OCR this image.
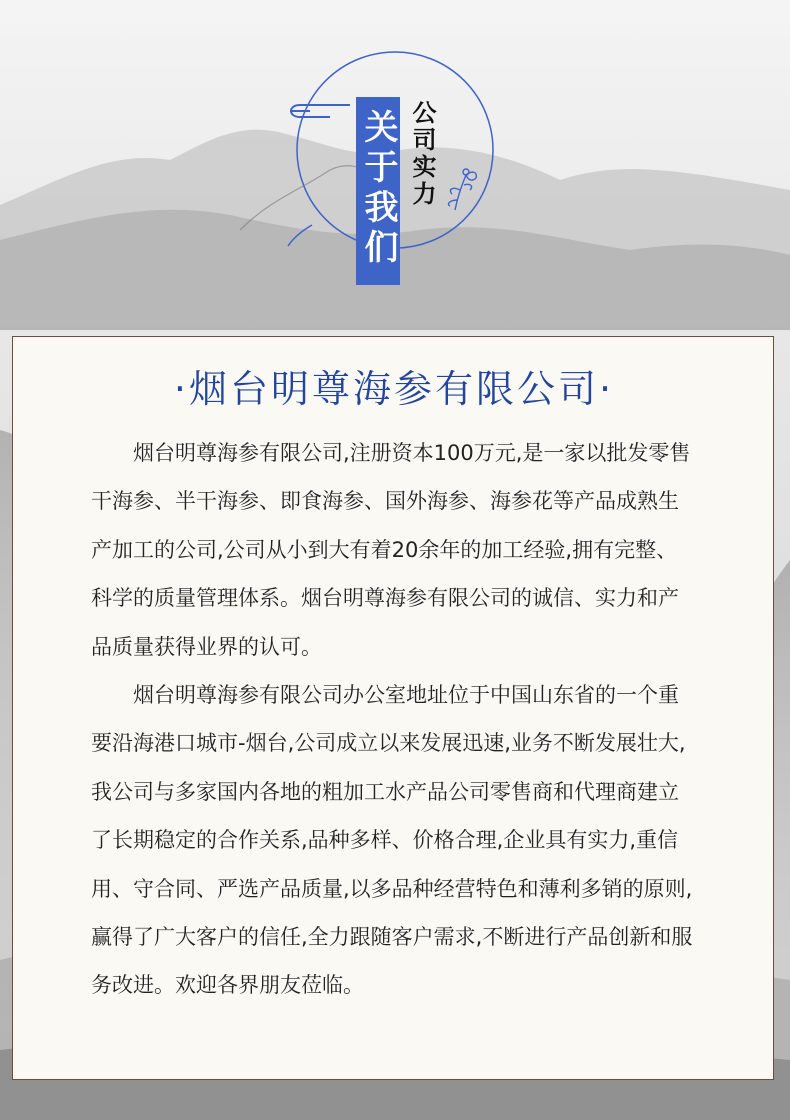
关于我们 公司实力
·烟台明尊海参有限公司·

烟台明尊海参有限公司,注册资本100万元,是一家以批发零售干海参、半干海参、即食海参、国外海参、海参花等产品成熟生产加工的公司,公司从小到大有着20余年的加工经验,拥有完整、科学的质量管理体系。烟台明尊海参有限公司的诚信、实力和产品质量获得业界的认可。

烟台明尊海参有限公司办公室地址位于中国山东省的一个重要沿海港口城市-烟台,公司成立以来发展迅速,业务不断发展壮大,我公司与多家国内各地的粗加工水产品公司零售商和代理商建立了长期稳定的合作关系,品种多样、价格合理,企业具有实力,重信用、守合同、严选产品质量,以多品种经营特色和薄利多销的原则,赢得了广大客户的信任,全力跟随客户需求,不断进行产品创新和服务改进。欢迎各界朋友莅临。
